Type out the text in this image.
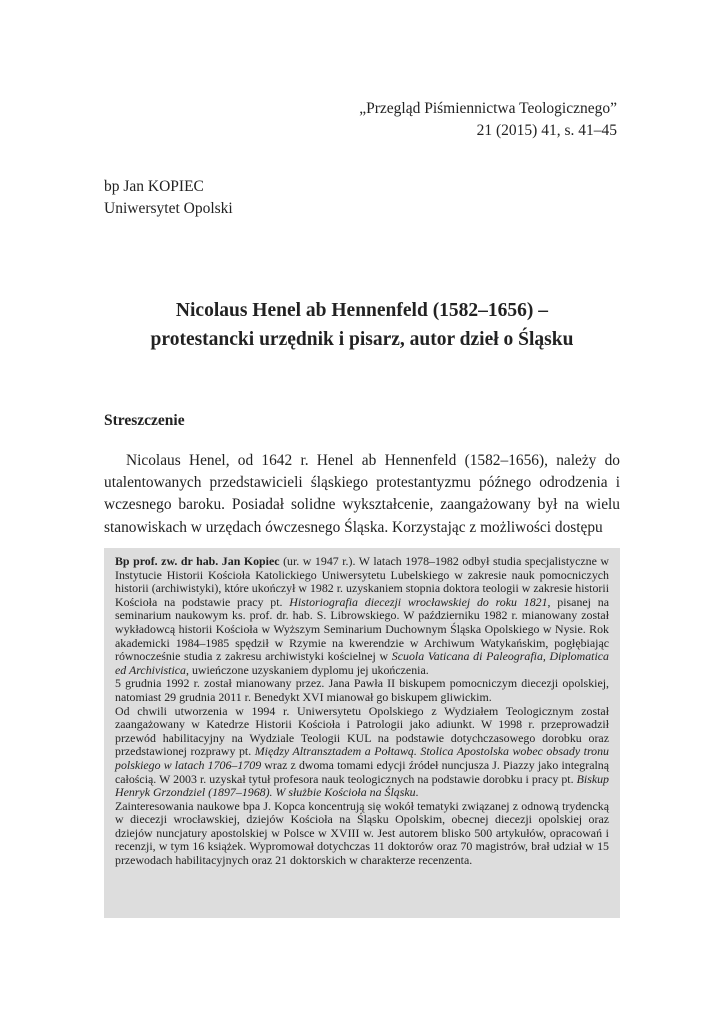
„ Przegląd Piśmiennictwa Teologicznego ”
21 (2015) 41, s. 41–45
bp Jan KOPIEC
Uniwersytet Opolski
Nicolaus Henel ab Hennenfeld (1582–1656) –
protestancki urzędnik i pisarz, autor dzieł o Śląsku
Streszczenie

Nicolaus Henel, od 1642 r. Henel ab Hennenfeld (1582–1656), należy do utalentowanych przedstawicieli śląskiego protestantyzmu późnego odrodzenia i wczesnego baroku. Posiadał solidne wykształcenie, zaangażowany był na wielu stanowiskach w urzędach ówczesnego Śląska. Korzystając z możliwości dostępu

Bp prof. zw. dr hab. Jan Kopiec (ur. w 1947 r.). W latach 1978–1982 odbył studia specjalistyczne w Instytucie Historii Kościoła Katolickiego Uniwersytetu Lubelskiego w zakresie nauk pomocniczych historii (archiwistyki), które ukończył w 1982 r. uzyskaniem stopnia doktora teologii w zakresie historii Kościoła na podstawie pracy pt. Historiografia diecezji wrocławskiej do roku 1821, pisanej na seminarium naukowym ks. prof. dr. hab. S. Librowskiego. W październiku 1982 r. mianowany został wykładowcą historii Kościoła w Wyższym Seminarium Duchownym Śląska Opolskiego w Nysie. Rok akademicki 1984–1985 spędził w Rzymie na kwerendzie w Archiwum Watykańskim, pogłębiając równocześnie studia z zakresu archiwistyki kościelnej w Scuola Vaticana di Paleografia, Diplomatica ed Archivistica, uwieńczone uzyskaniem dyplomu jej ukończenia.

5 grudnia 1992 r. został mianowany przez. Jana Pawła II biskupem pomocniczym diecezji opolskiej, natomiast 29 grudnia 2011 r. Benedykt XVI mianował go biskupem gliwickim.

Od chwili utworzenia w 1994 r. Uniwersytetu Opolskiego z Wydziałem Teologicznym został zaangażowany w Katedrze Historii Kościoła i Patrologii jako adiunkt. W 1998 r. przeprowadził przewód habilitacyjny na Wydziale Teologii KUL na podstawie dotychczasowego dorobku oraz przedstawionej rozprawy pt. Między Altransztadem a Połtawą. Stolica Apostolska wobec obsady tronu polskiego w latach 1706–1709 wraz z dwoma tomami edycji źródeł nuncjusza J. Piazzy jako integralną całością. W 2003 r. uzyskał tytuł profesora nauk teologicznych na podstawie dorobku i pracy pt. Biskup Henryk Grzondziel (1897–1968). W służbie Kościoła na Śląsku.

Zainteresowania naukowe bpa J. Kopca koncentrują się wokół tematyki związanej z odnową trydencką w diecezji wrocławskiej, dziejów Kościoła na Śląsku Opolskim, obecnej diecezji opolskiej oraz dziejów nuncjatury apostolskiej w Polsce w XVIII w. Jest autorem blisko 500 artykułów, opracowań i recenzji, w tym 16 książek. Wypromował dotychczas 11 doktorów oraz 70 magistrów, brał udział w 15 przewodach habilitacyjnych oraz 21 doktorskich w charakterze recenzenta.
